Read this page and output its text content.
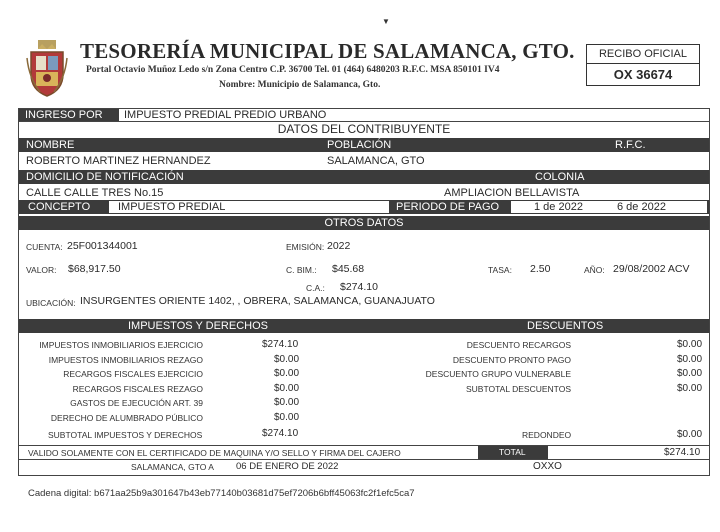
▼
TESORERÍA MUNICIPAL DE SALAMANCA, GTO.
Portal Octavio Muñoz Ledo s/n Zona Centro C.P. 36700 Tel. 01 (464) 6480203 R.F.C. MSA 850101 IV4
Nombre: Municipio de Salamanca, Gto.
RECIBO OFICIAL
OX 36674
INGRESO POR	IMPUESTO PREDIAL PREDIO URBANO
DATOS DEL CONTRIBUYENTE
NOMBRE	POBLACIÓN	R.F.C.
ROBERTO MARTINEZ HERNANDEZ	SALAMANCA, GTO
DOMICILIO DE NOTIFICACIÓN	COLONIA
CALLE CALLE TRES No.15	AMPLIACION BELLAVISTA
CONCEPTO	IMPUESTO PREDIAL	PERIODO DE PAGO	1 de 2022	6 de 2022
OTROS DATOS
CUENTA: 25F001344001	EMISIÓN: 2022
VALOR: $68,917.50	C. BIM.: $45.68	TASA: 2.50	AÑO: 29/08/2002 ACV
C.A.: $274.10
UBICACIÓN: INSURGENTES ORIENTE 1402, , OBRERA, SALAMANCA, GUANAJUATO
IMPUESTOS Y DERECHOS	DESCUENTOS
IMPUESTOS INMOBILIARIOS EJERCICIO	$274.10
IMPUESTOS INMOBILIARIOS REZAGO	$0.00
RECARGOS FISCALES EJERCICIO	$0.00
RECARGOS FISCALES REZAGO	$0.00
GASTOS DE EJECUCIÓN ART. 39	$0.00
DERECHO DE ALUMBRADO PÚBLICO	$0.00
DESCUENTO RECARGOS	$0.00
DESCUENTO PRONTO PAGO	$0.00
DESCUENTO GRUPO VULNERABLE	$0.00
SUBTOTAL DESCUENTOS	$0.00
SUBTOTAL IMPUESTOS Y DERECHOS	$274.10	REDONDEO	$0.00
VALIDO SOLAMENTE CON EL CERTIFICADO DE MAQUINA Y/O SELLO Y FIRMA DEL CAJERO	TOTAL	$274.10
SALAMANCA, GTO A 06 DE ENERO DE 2022	OXXO
Cadena digital: b671aa25b9a301647b43eb77140b03681d75ef7206b6bff45063fc2f1efc5ca7
